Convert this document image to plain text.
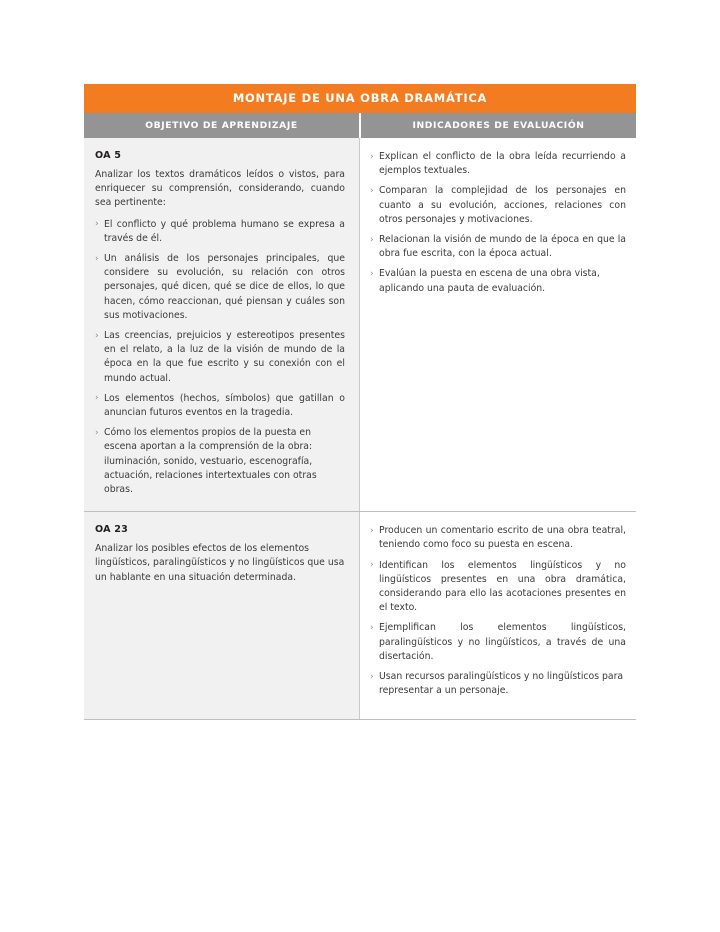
MONTAJE DE UNA OBRA DRAMÁTICA
OBJETIVO DE APRENDIZAJE	INDICADORES DE EVALUACIÓN

OA 5

Analizar los textos dramáticos leídos o vistos, para enriquecer su comprensión, considerando, cuando sea pertinente:

› El conflicto y qué problema humano se expresa a través de él.
› Un análisis de los personajes principales, que considere su evolución, su relación con otros personajes, qué dicen, qué se dice de ellos, lo que hacen, cómo reaccionan, qué piensan y cuáles son sus motivaciones.
› Las creencias, prejuicios y estereotipos presentes en el relato, a la luz de la visión de mundo de la época en la que fue escrito y su conexión con el mundo actual.
› Los elementos (hechos, símbolos) que gatillan o anuncian futuros eventos en la tragedia.
› Cómo los elementos propios de la puesta en escena aportan a la comprensión de la obra: iluminación, sonido, vestuario, escenografía, actuación, relaciones intertextuales con otras obras.
› Explican el conflicto de la obra leída recurriendo a ejemplos textuales.
› Comparan la complejidad de los personajes en cuanto a su evolución, acciones, relaciones con otros personajes y motivaciones.
› Relacionan la visión de mundo de la época en que la obra fue escrita, con la época actual.
› Evalúan la puesta en escena de una obra vista, aplicando una pauta de evaluación.

OA 23

Analizar los posibles efectos de los elementos lingüísticos, paralingüísticos y no lingüísticos que usa un hablante en una situación determinada.

› Producen un comentario escrito de una obra teatral, teniendo como foco su puesta en escena.
› Identifican los elementos lingüísticos y no lingüísticos presentes en una obra dramática, considerando para ello las acotaciones presentes en el texto.
› Ejemplifican los elementos lingüísticos, paralingüísticos y no lingüísticos, a través de una disertación.
› Usan recursos paralingüísticos y no lingüísticos para representar a un personaje.
